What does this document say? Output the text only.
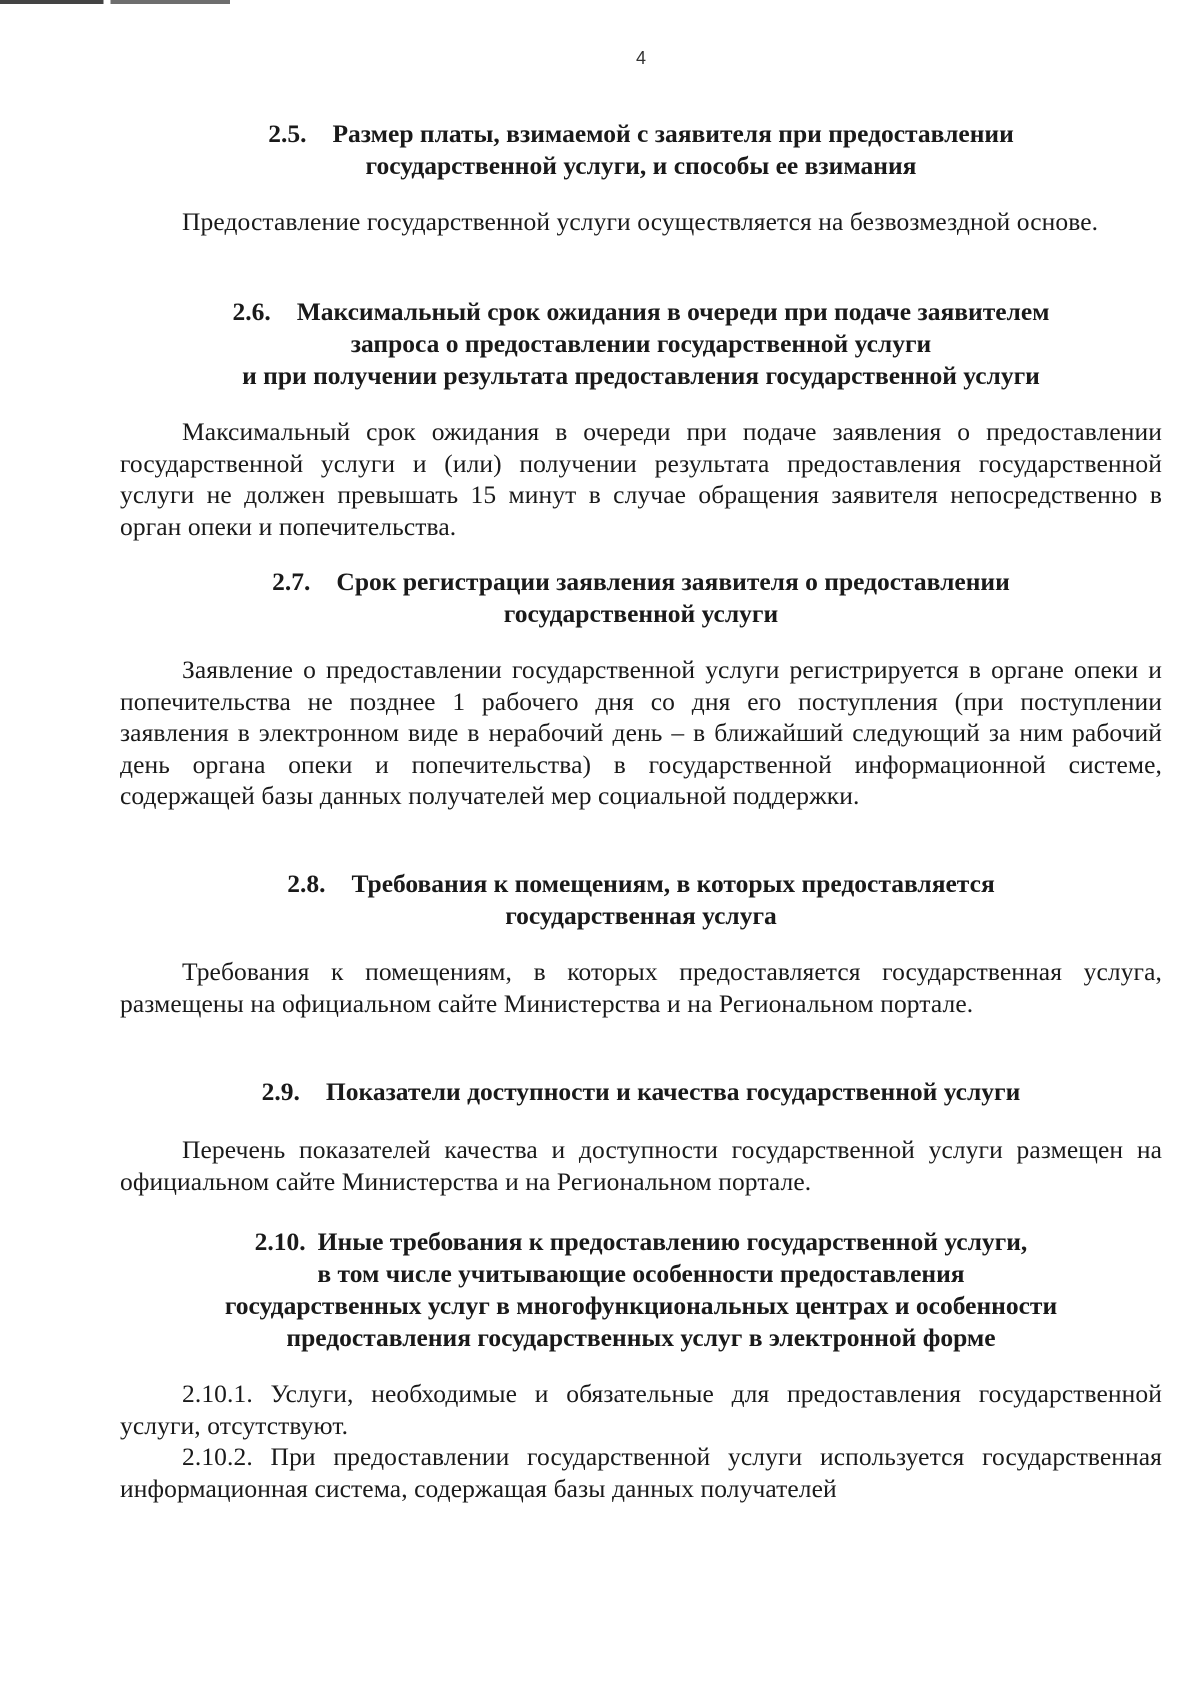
4
2.5. Размер платы, взимаемой с заявителя при предоставлении
государственной услуги, и способы ее взимания

Предоставление государственной услуги осуществляется на безвозмездной основе.

2.6. Максимальный срок ожидания в очереди при подаче заявителем
запроса о предоставлении государственной услуги
и при получении результата предоставления государственной услуги

Максимальный срок ожидания в очереди при подаче заявления о предоставлении государственной услуги и (или) получении результата предоставления государственной услуги не должен превышать 15 минут в случае обращения заявителя непосредственно в орган опеки и попечительства.

2.7. Срок регистрации заявления заявителя о предоставлении
государственной услуги

Заявление о предоставлении государственной услуги регистрируется в органе опеки и попечительства не позднее 1 рабочего дня со дня его поступления (при поступлении заявления в электронном виде в нерабочий день – в ближайший следующий за ним рабочий день органа опеки и попечительства) в государственной информационной системе, содержащей базы данных получателей мер социальной поддержки.

2.8. Требования к помещениям, в которых предоставляется
государственная услуга

Требования к помещениям, в которых предоставляется государственная услуга, размещены на официальном сайте Министерства и на Региональном портале.

2.9. Показатели доступности и качества государственной услуги

Перечень показателей качества и доступности государственной услуги размещен на официальном сайте Министерства и на Региональном портале.

2.10. Иные требования к предоставлению государственной услуги,
в том числе учитывающие особенности предоставления
государственных услуг в многофункциональных центрах и особенности
предоставления государственных услуг в электронной форме

2.10.1. Услуги, необходимые и обязательные для предоставления государственной услуги, отсутствуют.

2.10.2. При предоставлении государственной услуги используется государственная информационная система, содержащая базы данных получателей
